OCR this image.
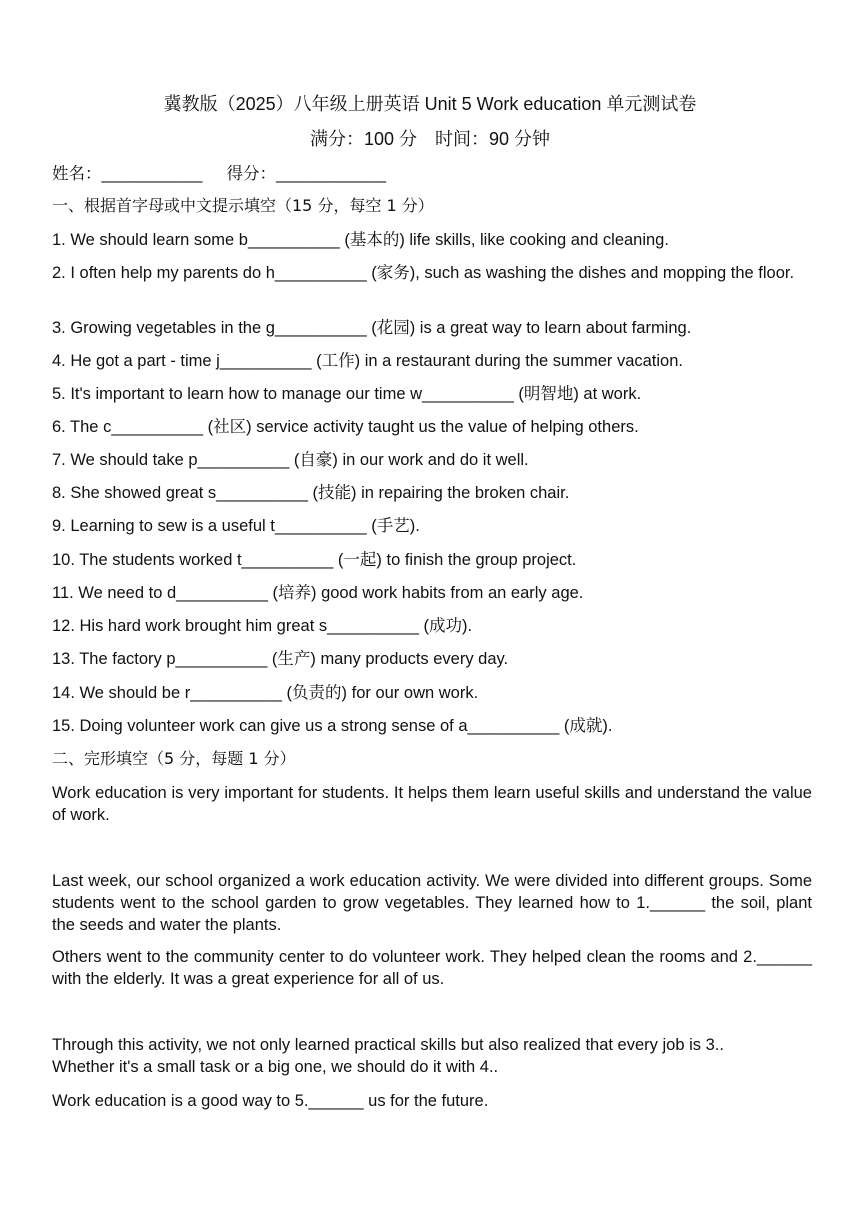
冀教版（2025）八年级上册英语 Unit 5 Work education 单元测试卷
满分：100 分　时间：90 分钟
姓名：___________ 得分：____________
一、根据首字母或中文提示填空（15 分，每空 1 分）
1. We should learn some b__________ (基本的) life skills, like cooking and cleaning.
2. I often help my parents do h__________ (家务), such as washing the dishes and mopping the floor.
3. Growing vegetables in the g__________ (花园) is a great way to learn about farming.
4. He got a part - time j__________ (工作) in a restaurant during the summer vacation.
5. It's important to learn how to manage our time w__________ (明智地) at work.
6. The c__________ (社区) service activity taught us the value of helping others.
7. We should take p__________ (自豪) in our work and do it well.
8. She showed great s__________ (技能) in repairing the broken chair.
9. Learning to sew is a useful t__________ (手艺).
10. The students worked t__________ (一起) to finish the group project.
11. We need to d__________ (培养) good work habits from an early age.
12. His hard work brought him great s__________ (成功).
13. The factory p__________ (生产) many products every day.
14. We should be r__________ (负责的) for our own work.
15. Doing volunteer work can give us a strong sense of a__________ (成就).
二、完形填空（5 分，每题 1 分）
Work education is very important for students. It helps them learn useful skills and understand the value of work.
Last week, our school organized a work education activity. We were divided into different groups. Some students went to the school garden to grow vegetables. They learned how to 1.______ the soil, plant the seeds and water the plants.
Others went to the community center to do volunteer work. They helped clean the rooms and 2.______ with the elderly. It was a great experience for all of us.
Through this activity, we not only learned practical skills but also realized that every job is 3..
Whether it's a small task or a big one, we should do it with 4..
Work education is a good way to 5.______ us for the future.
